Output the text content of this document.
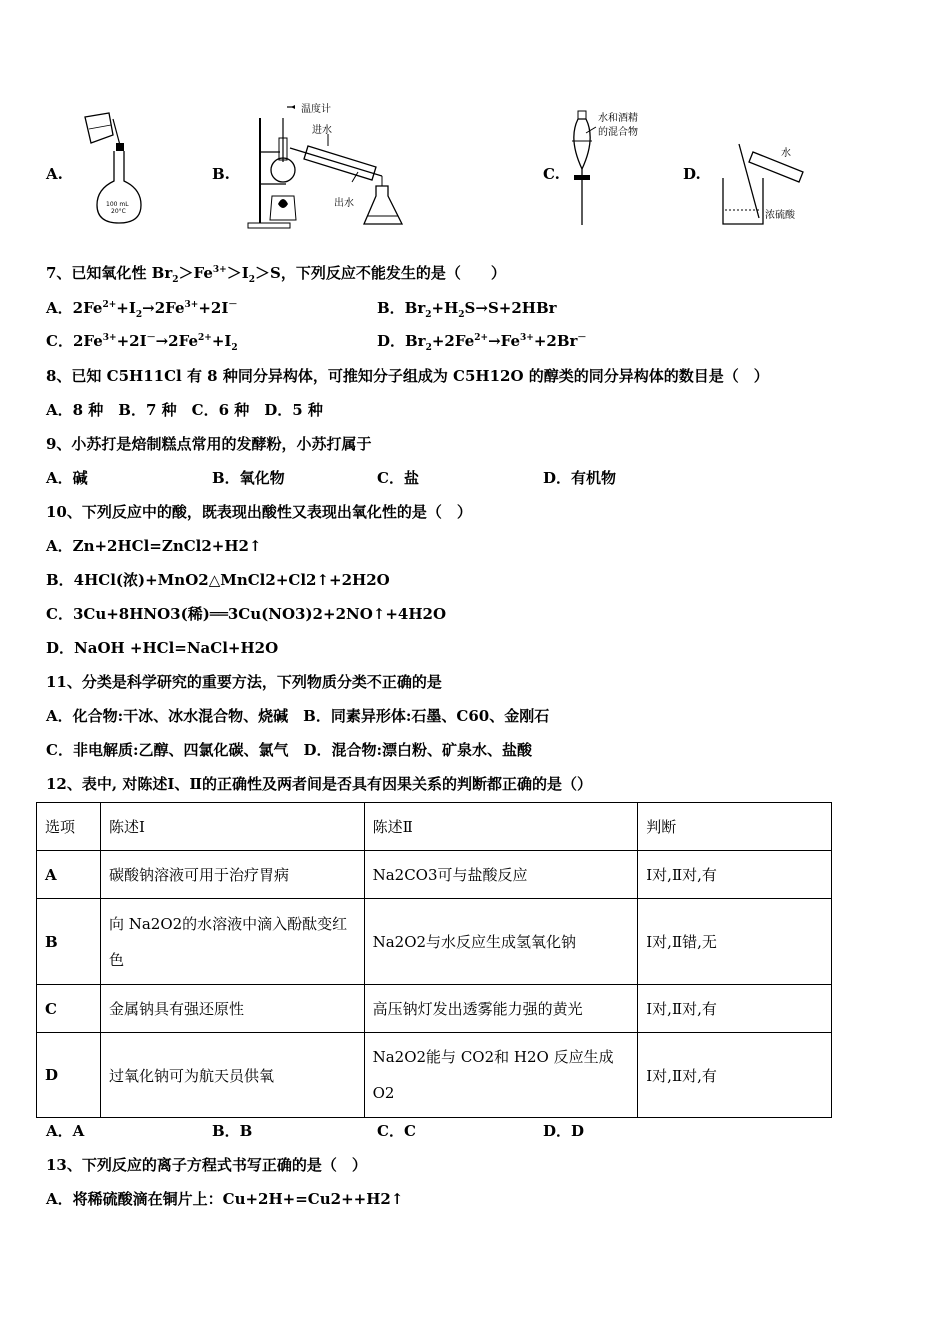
A.	B.	C.	D.
100 mL
20°C
温度计
进水
出水
水和酒精
的混合物
水
浓硫酸
7、已知氧化性 $Br_2>Fe^{3+}>I_2>S$，下列反应不能发生的是（　　）
A．$2Fe^{2+}+I_2\to 2Fe^{3+}+2I^-$	B．$Br_2+H_2S\to S+2HBr$
C．$2Fe^{3+}+2I^-\to 2Fe^{2+}+I_2$	D．$Br_2+2Fe^{2+}\to Fe^{3+}+2Br^-$
8、已知 C5H11Cl 有 8 种同分异构体，可推知分子组成为 C5H12O 的醇类的同分异构体的数目是（　）
A．8 种　B．7 种　C．6 种　D．5 种
9、小苏打是焙制糕点常用的发酵粉，小苏打属于
A．碱	B．氧化物	C．盐	D．有机物
10、下列反应中的酸，既表现出酸性又表现出氧化性的是（　）
A．Zn+2HCl=ZnCl2+H2↑
B．4HCl(浓)+MnO2△MnCl2+Cl2↑+2H2O
C．3Cu+8HNO3(稀)══3Cu(NO3)2+2NO↑+4H2O
D．NaOH +HCl=NaCl+H2O
11、分类是科学研究的重要方法，下列物质分类不正确的是
A．化合物:干冰、冰水混合物、烧碱　B．同素异形体:石墨、C60、金刚石
C．非电解质:乙醇、四氯化碳、氯气　D．混合物:漂白粉、矿泉水、盐酸
12、表中, 对陈述Ⅰ、Ⅱ的正确性及两者间是否具有因果关系的判断都正确的是（）
选项	陈述Ⅰ	陈述Ⅱ	判断
A	碳酸钠溶液可用于治疗胃病	Na2CO3可与盐酸反应	Ⅰ对,Ⅱ对,有
B	向 Na2O2的水溶液中滴入酚酞变红色	Na2O2与水反应生成氢氧化钠	Ⅰ对,Ⅱ错,无
C	金属钠具有强还原性	高压钠灯发出透雾能力强的黄光	Ⅰ对,Ⅱ对,有
D	过氧化钠可为航天员供氧	Na2O2能与 CO2和 H2O 反应生成O2	Ⅰ对,Ⅱ对,有
A．A	B．B	C．C	D．D
13、下列反应的离子方程式书写正确的是（　）
A．将稀硫酸滴在铜片上：Cu+2H+=Cu2++H2↑
